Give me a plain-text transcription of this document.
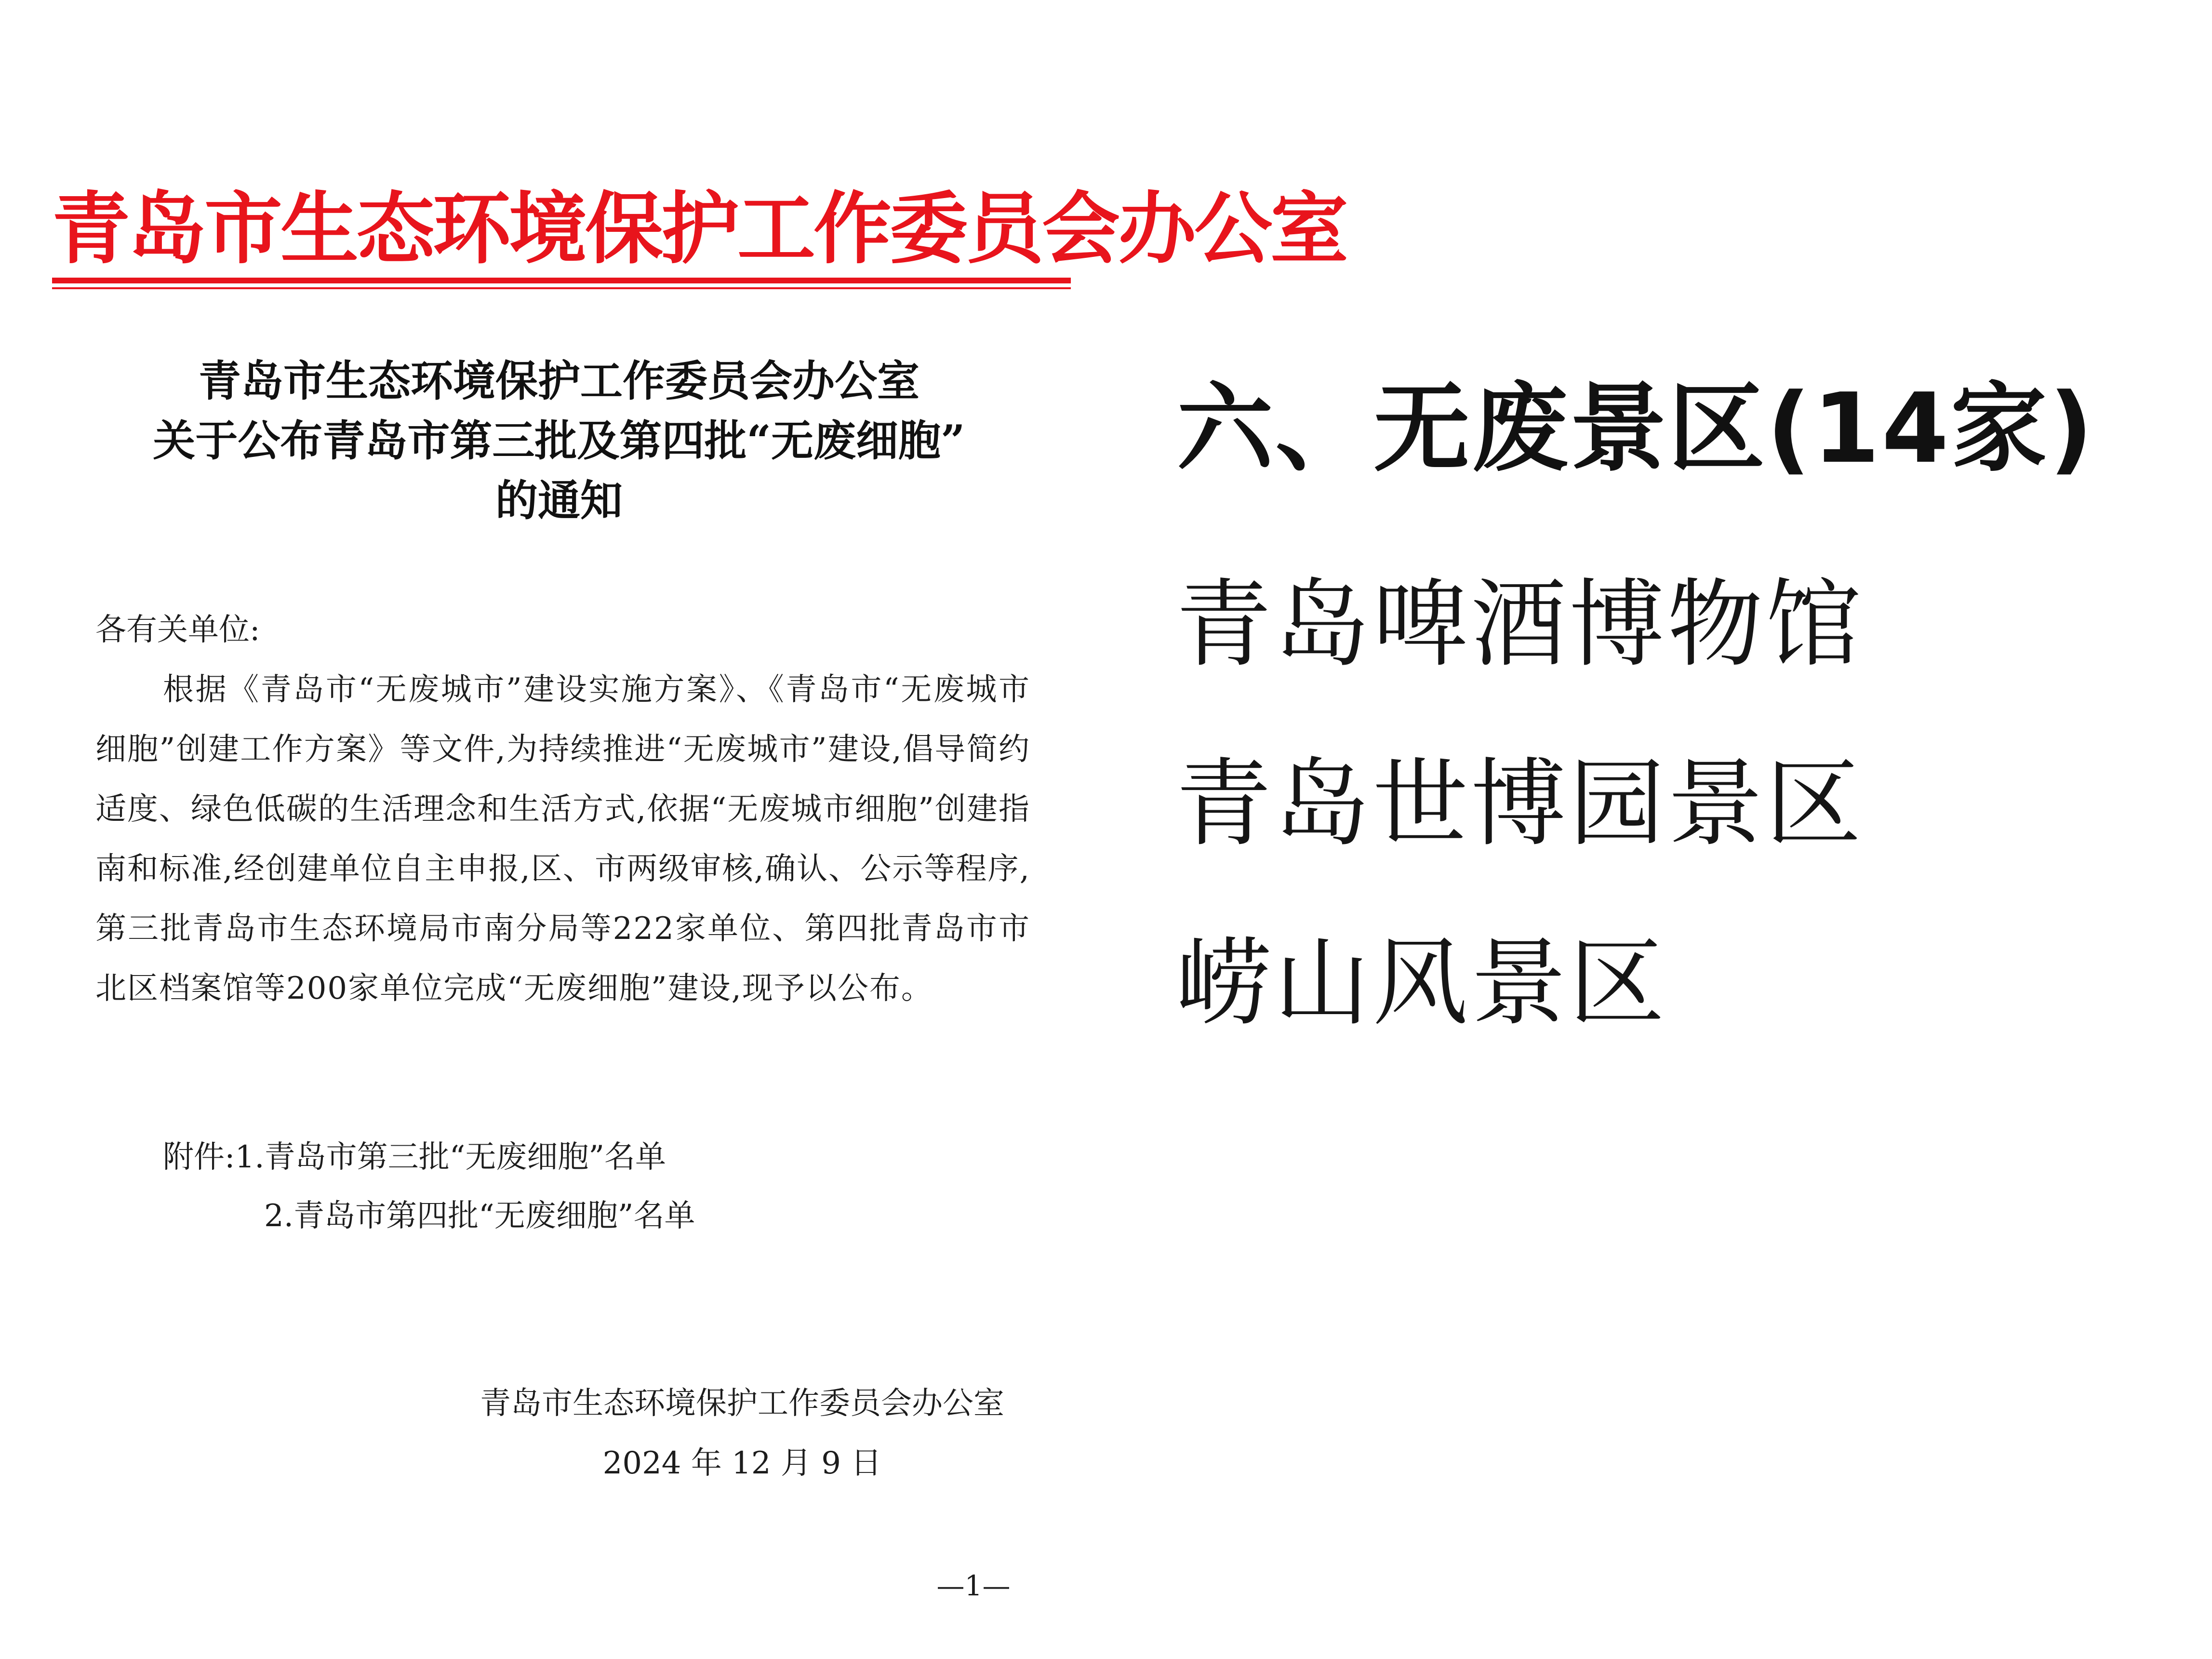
青岛市生态环境保护工作委员会办公室
青岛市生态环境保护工作委员会办公室
关于公布青岛市第三批及第四批“无废细胞”
的通知
各有关单位:
根据《青岛市“无废城市”建设实施方案》、《青岛市“无废城市细胞”创建工作方案》等文件,为持续推进“无废城市”建设,倡导简约适度、绿色低碳的生活理念和生活方式,依据“无废城市细胞”创建指南和标准,经创建单位自主申报,区、市两级审核,确认、公示等程序,第三批青岛市生态环境局市南分局等222家单位、第四批青岛市市北区档案馆等200家单位完成“无废细胞”建设,现予以公布。
附件:1.青岛市第三批“无废细胞”名单
2.青岛市第四批“无废细胞”名单
青岛市生态环境保护工作委员会办公室
2024 年 12 月 9 日
—1—
六、无废景区(14家)
青岛啤酒博物馆
青岛世博园景区
崂山风景区
